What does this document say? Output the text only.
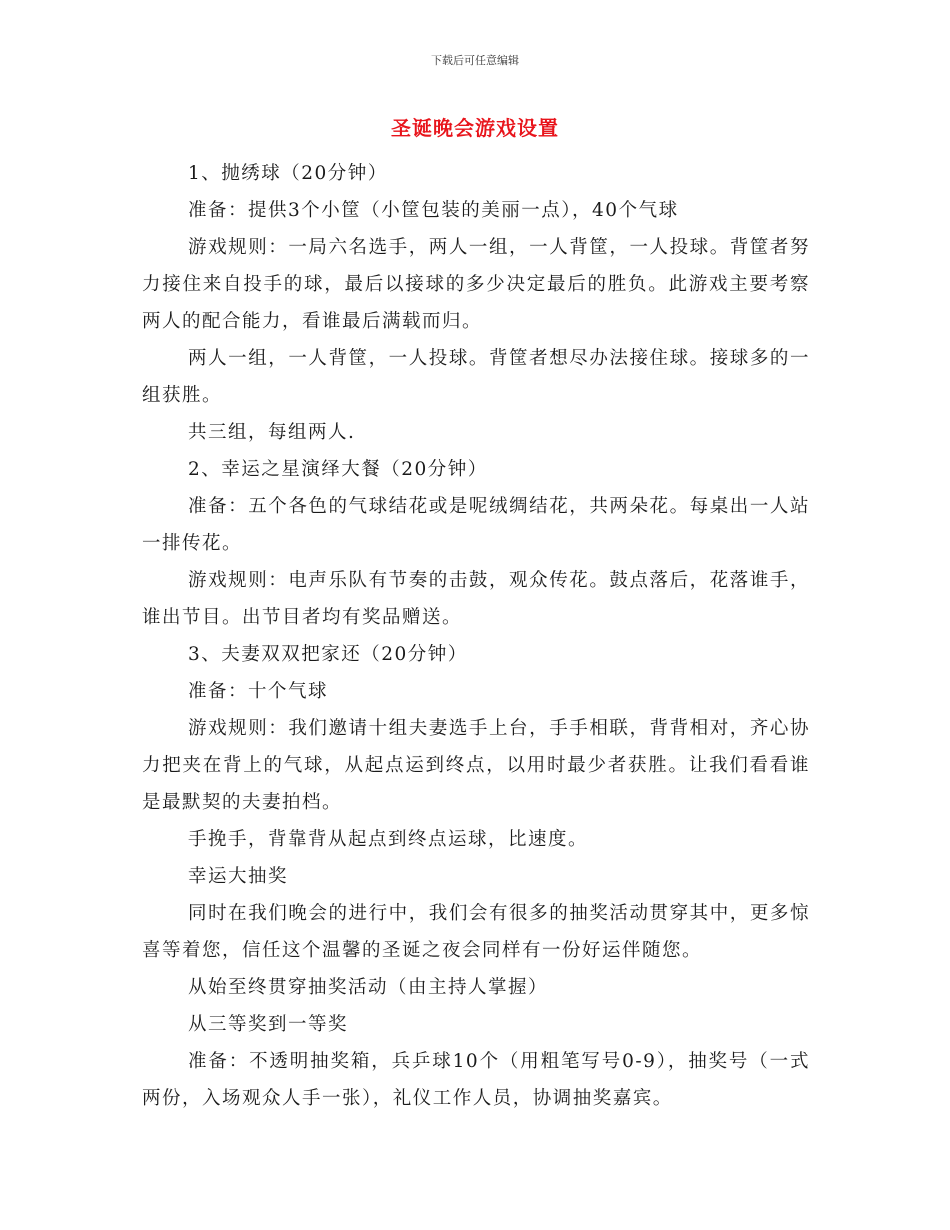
下载后可任意编辑
圣诞晚会游戏设置

1、抛绣球（20分钟）

准备：提供3个小筐（小筐包装的美丽一点），40个气球

游戏规则：一局六名选手，两人一组，一人背筐，一人投球。背筐者努力接住来自投手的球，最后以接球的多少决定最后的胜负。此游戏主要考察两人的配合能力，看谁最后满载而归。

两人一组，一人背筐，一人投球。背筐者想尽办法接住球。接球多的一组获胜。

共三组，每组两人.

2、幸运之星演绎大餐（20分钟）

准备：五个各色的气球结花或是呢绒绸结花，共两朵花。每桌出一人站一排传花。

游戏规则：电声乐队有节奏的击鼓，观众传花。鼓点落后，花落谁手，谁出节目。出节目者均有奖品赠送。

3、夫妻双双把家还（20分钟）

准备：十个气球

游戏规则：我们邀请十组夫妻选手上台，手手相联，背背相对，齐心协力把夹在背上的气球，从起点运到终点，以用时最少者获胜。让我们看看谁是最默契的夫妻拍档。

手挽手，背靠背从起点到终点运球，比速度。

幸运大抽奖

同时在我们晚会的进行中，我们会有很多的抽奖活动贯穿其中，更多惊喜等着您，信任这个温馨的圣诞之夜会同样有一份好运伴随您。

从始至终贯穿抽奖活动（由主持人掌握）

从三等奖到一等奖

准备：不透明抽奖箱，兵乒球10个（用粗笔写号0-9），抽奖号（一式两份，入场观众人手一张），礼仪工作人员，协调抽奖嘉宾。
